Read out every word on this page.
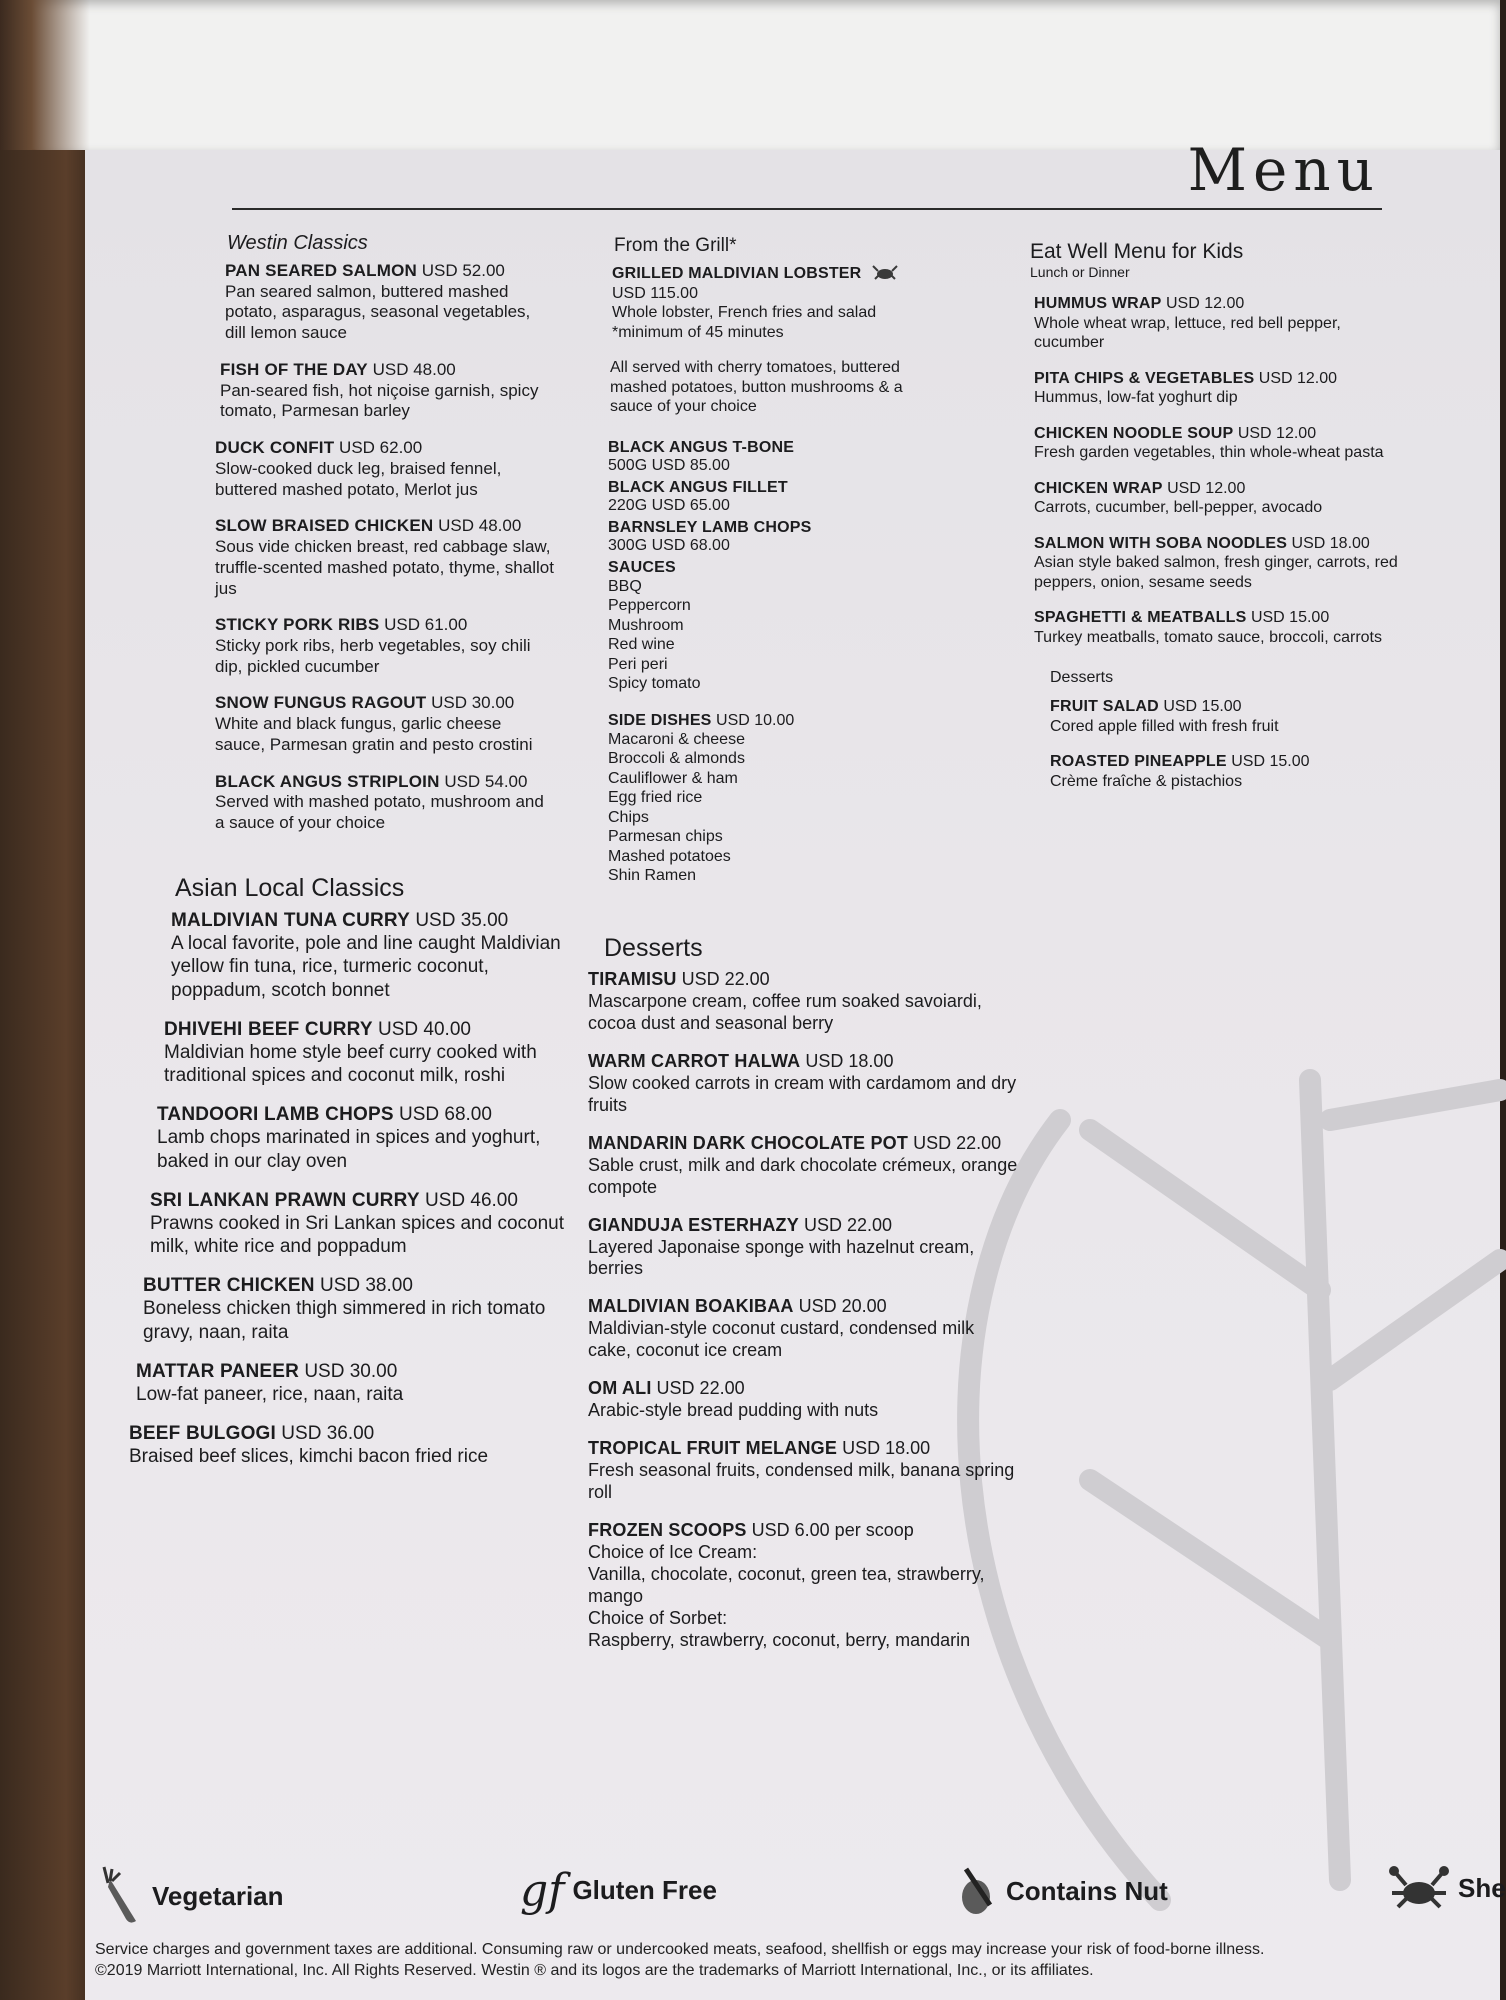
Menu
Westin Classics
PAN SEARED SALMON USD 52.00
Pan seared salmon, buttered mashed potato, asparagus, seasonal vegetables, dill lemon sauce
FISH OF THE DAY USD 48.00
Pan-seared fish, hot niçoise garnish, spicy tomato, Parmesan barley
DUCK CONFIT USD 62.00
Slow-cooked duck leg, braised fennel, buttered mashed potato, Merlot jus
SLOW BRAISED CHICKEN USD 48.00
Sous vide chicken breast, red cabbage slaw, truffle-scented mashed potato, thyme, shallot jus
STICKY PORK RIBS USD 61.00
Sticky pork ribs, herb vegetables, soy chili dip, pickled cucumber
SNOW FUNGUS RAGOUT USD 30.00
White and black fungus, garlic cheese sauce, Parmesan gratin and pesto crostini
BLACK ANGUS STRIPLOIN USD 54.00
Served with mashed potato, mushroom and a sauce of your choice
Asian Local Classics
MALDIVIAN TUNA CURRY USD 35.00
A local favorite, pole and line caught Maldivian yellow fin tuna, rice, turmeric coconut, poppadum, scotch bonnet
DHIVEHI BEEF CURRY USD 40.00
Maldivian home style beef curry cooked with traditional spices and coconut milk, roshi
TANDOORI LAMB CHOPS USD 68.00
Lamb chops marinated in spices and yoghurt, baked in our clay oven
SRI LANKAN PRAWN CURRY USD 46.00
Prawns cooked in Sri Lankan spices and coconut milk, white rice and poppadum
BUTTER CHICKEN USD 38.00
Boneless chicken thigh simmered in rich tomato gravy, naan, raita
MATTAR PANEER USD 30.00
Low-fat paneer, rice, naan, raita
BEEF BULGOGI USD 36.00
Braised beef slices, kimchi bacon fried rice
From the Grill*
GRILLED MALDIVIAN LOBSTER
USD 115.00
Whole lobster, French fries and salad
*minimum of 45 minutes
All served with cherry tomatoes, buttered mashed potatoes, button mushrooms & a sauce of your choice
BLACK ANGUS T-BONE
500G USD 85.00
BLACK ANGUS FILLET
220G USD 65.00
BARNSLEY LAMB CHOPS
300G USD 68.00
SAUCES
BBQ
Peppercorn
Mushroom
Red wine
Peri peri
Spicy tomato
SIDE DISHES USD 10.00
Macaroni & cheese
Broccoli & almonds
Cauliflower & ham
Egg fried rice
Chips
Parmesan chips
Mashed potatoes
Shin Ramen
Desserts
TIRAMISU USD 22.00
Mascarpone cream, coffee rum soaked savoiardi, cocoa dust and seasonal berry
WARM CARROT HALWA USD 18.00
Slow cooked carrots in cream with cardamom and dry fruits
MANDARIN DARK CHOCOLATE POT USD 22.00
Sable crust, milk and dark chocolate crémeux, orange compote
GIANDUJA ESTERHAZY USD 22.00
Layered Japonaise sponge with hazelnut cream, berries
MALDIVIAN BOAKIBAA USD 20.00
Maldivian-style coconut custard, condensed milk cake, coconut ice cream
OM ALI USD 22.00
Arabic-style bread pudding with nuts
TROPICAL FRUIT MELANGE USD 18.00
Fresh seasonal fruits, condensed milk, banana spring roll
FROZEN SCOOPS USD 6.00 per scoop
Choice of Ice Cream:
Vanilla, chocolate, coconut, green tea, strawberry, mango
Choice of Sorbet:
Raspberry, strawberry, coconut, berry, mandarin
Eat Well Menu for Kids
Lunch or Dinner
HUMMUS WRAP USD 12.00
Whole wheat wrap, lettuce, red bell pepper, cucumber
PITA CHIPS & VEGETABLES USD 12.00
Hummus, low-fat yoghurt dip
CHICKEN NOODLE SOUP USD 12.00
Fresh garden vegetables, thin whole-wheat pasta
CHICKEN WRAP USD 12.00
Carrots, cucumber, bell-pepper, avocado
SALMON WITH SOBA NOODLES USD 18.00
Asian style baked salmon, fresh ginger, carrots, red peppers, onion, sesame seeds
SPAGHETTI & MEATBALLS USD 15.00
Turkey meatballs, tomato sauce, broccoli, carrots
Desserts
FRUIT SALAD USD 15.00
Cored apple filled with fresh fruit
ROASTED PINEAPPLE USD 15.00
Crème fraîche & pistachios
Vegetarian	gf Gluten Free	Contains Nut	She
Service charges and government taxes are additional. Consuming raw or undercooked meats, seafood, shellfish or eggs may increase your risk of food-borne illness.
©2019 Marriott International, Inc. All Rights Reserved. Westin ® and its logos are the trademarks of Marriott International, Inc., or its affiliates.
